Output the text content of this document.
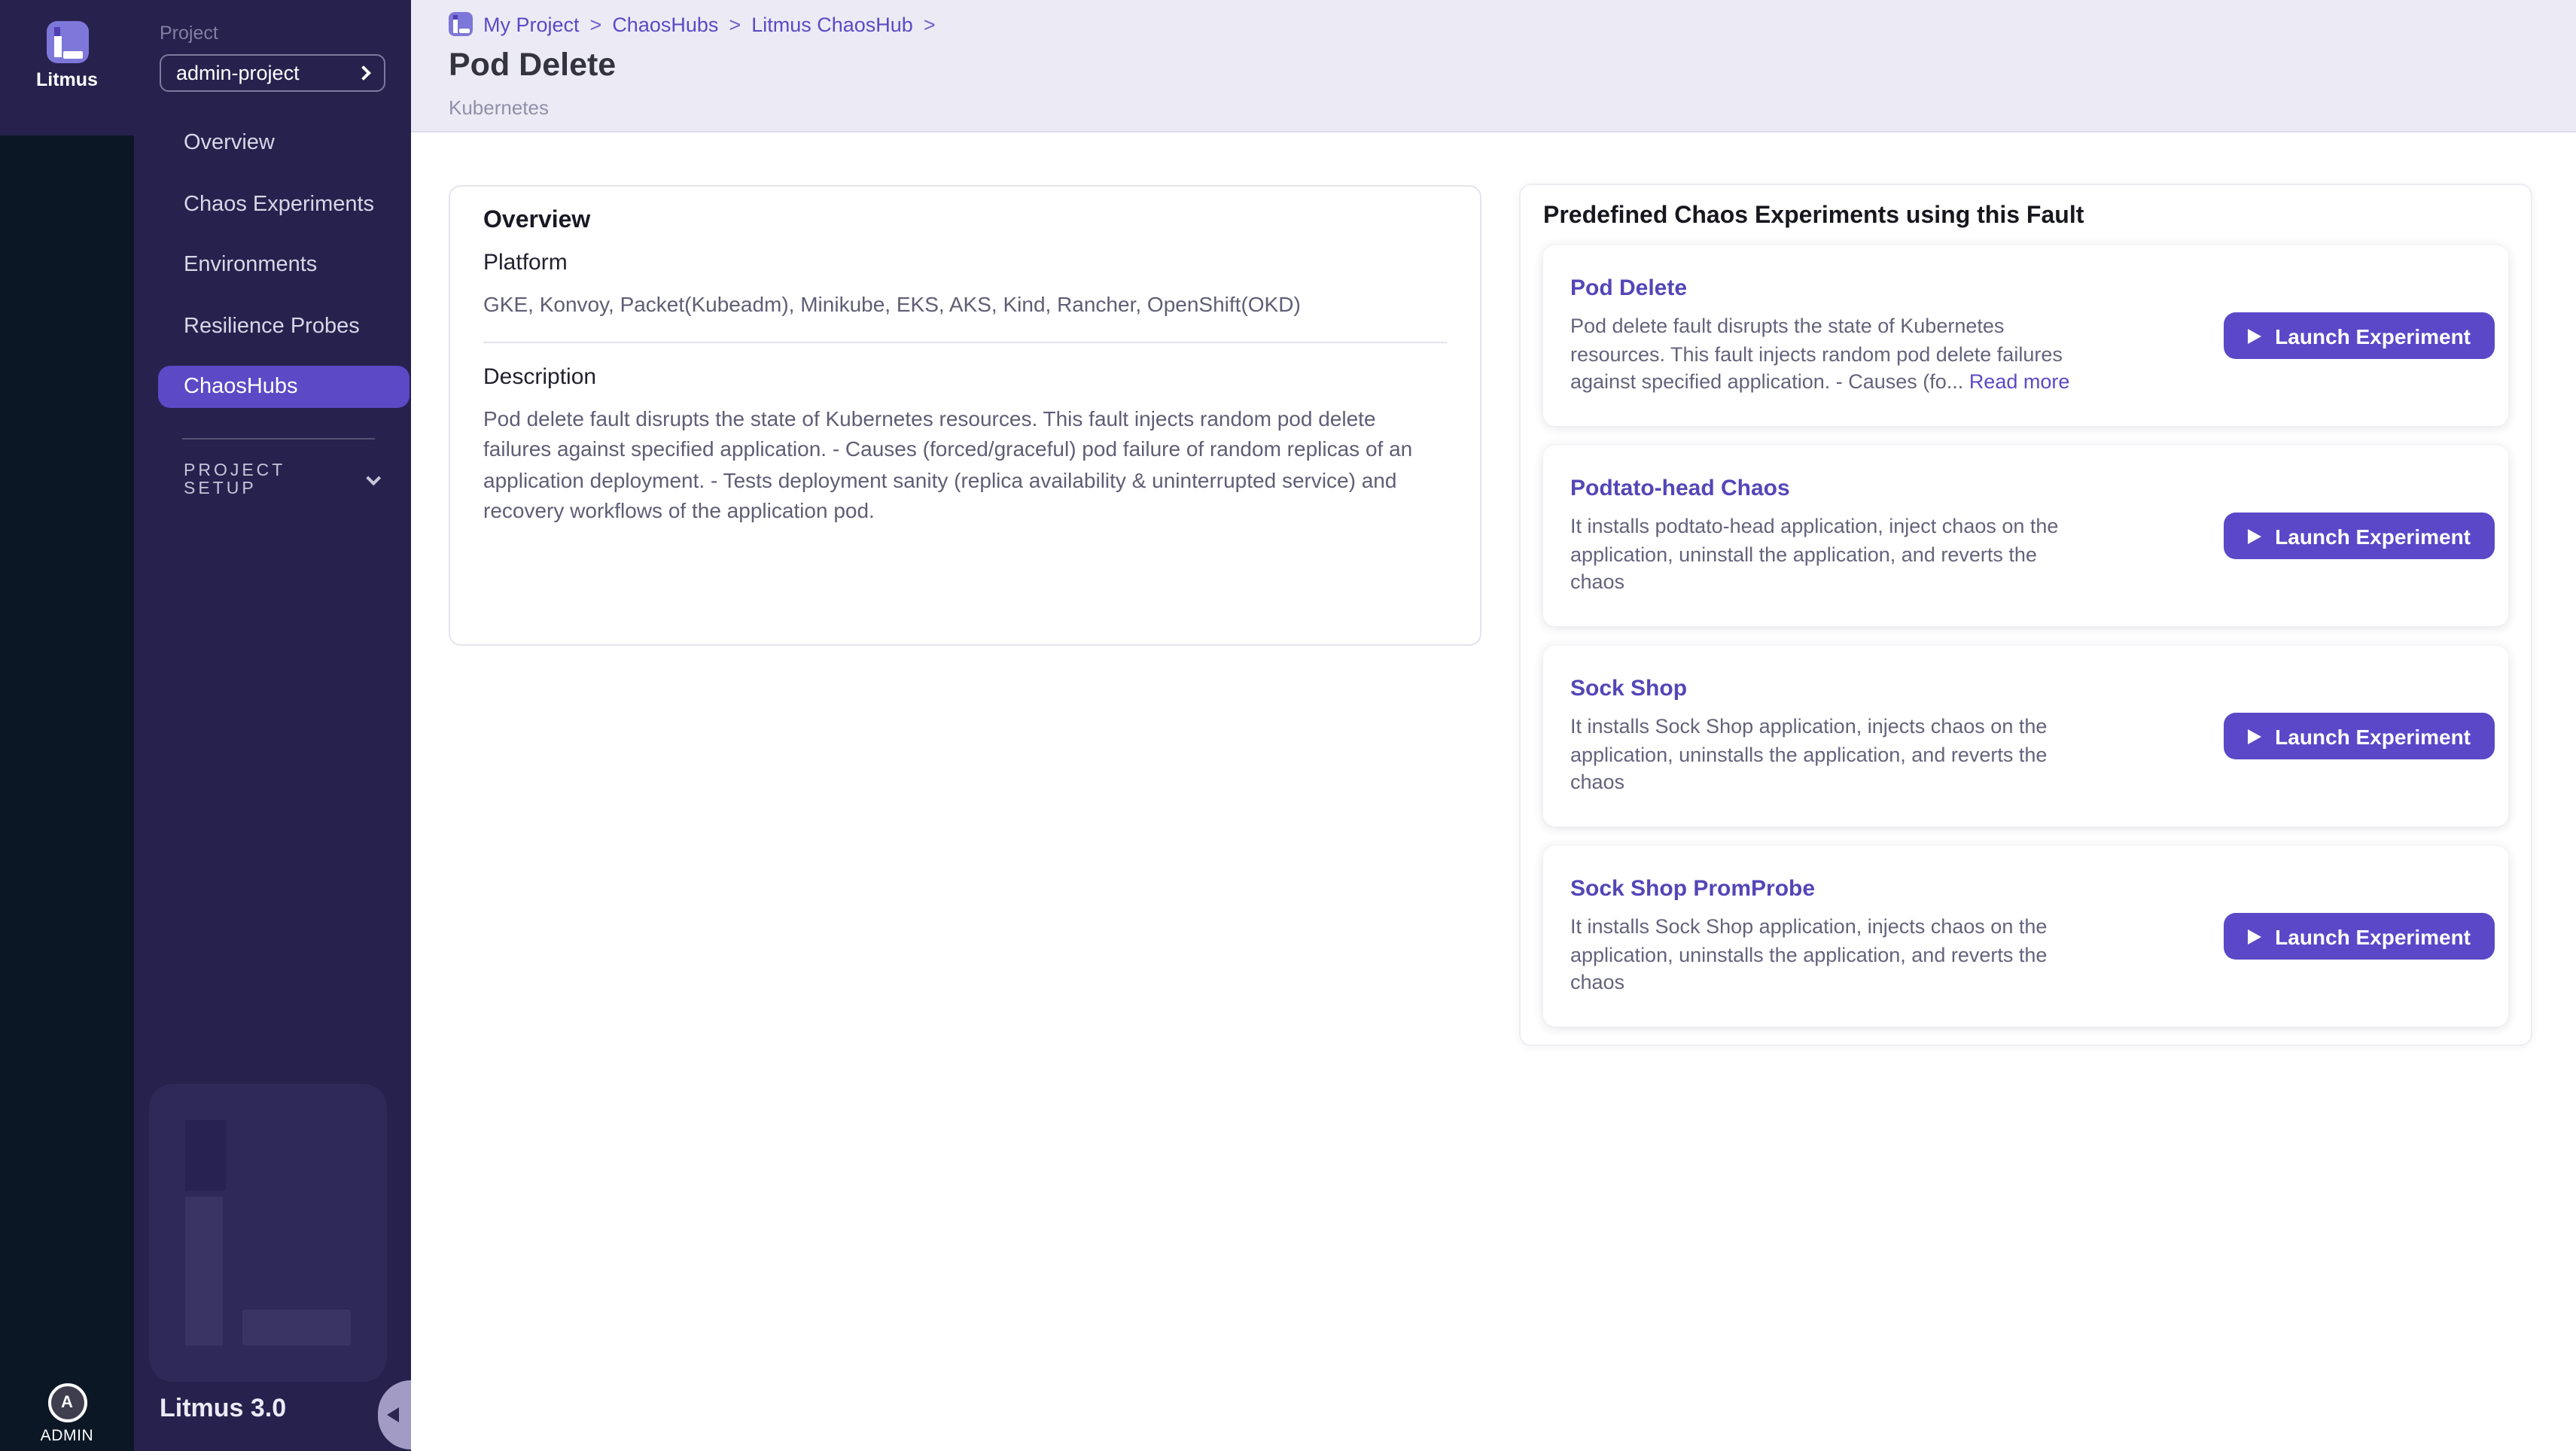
Litmus
A
ADMIN
Project
admin-project
Overview
Chaos Experiments
Environments
Resilience Probes
ChaosHubs
PROJECT SETUP
Litmus 3.0
My Project > ChaosHubs > Litmus ChaosHub >
Pod Delete
Kubernetes
Overview
Platform

GKE, Konvoy, Packet(Kubeadm), Minikube, EKS, AKS, Kind, Rancher, OpenShift(OKD)

Description

Pod delete fault disrupts the state of Kubernetes resources. This fault injects random pod delete failures against specified application. - Causes (forced/graceful) pod failure of random replicas of an application deployment. - Tests deployment sanity (replica availability & uninterrupted service) and recovery workflows of the application pod.

Predefined Chaos Experiments using this Fault
Pod Delete
Pod delete fault disrupts the state of Kubernetes resources. This fault injects random pod delete failures against specified application. - Causes (fo... Read more
Launch Experiment
Podtato-head Chaos
It installs podtato-head application, inject chaos on the application, uninstall the application, and reverts the chaos
Launch Experiment
Sock Shop
It installs Sock Shop application, injects chaos on the application, uninstalls the application, and reverts the chaos
Launch Experiment
Sock Shop PromProbe
It installs Sock Shop application, injects chaos on the application, uninstalls the application, and reverts the chaos
Launch Experiment
